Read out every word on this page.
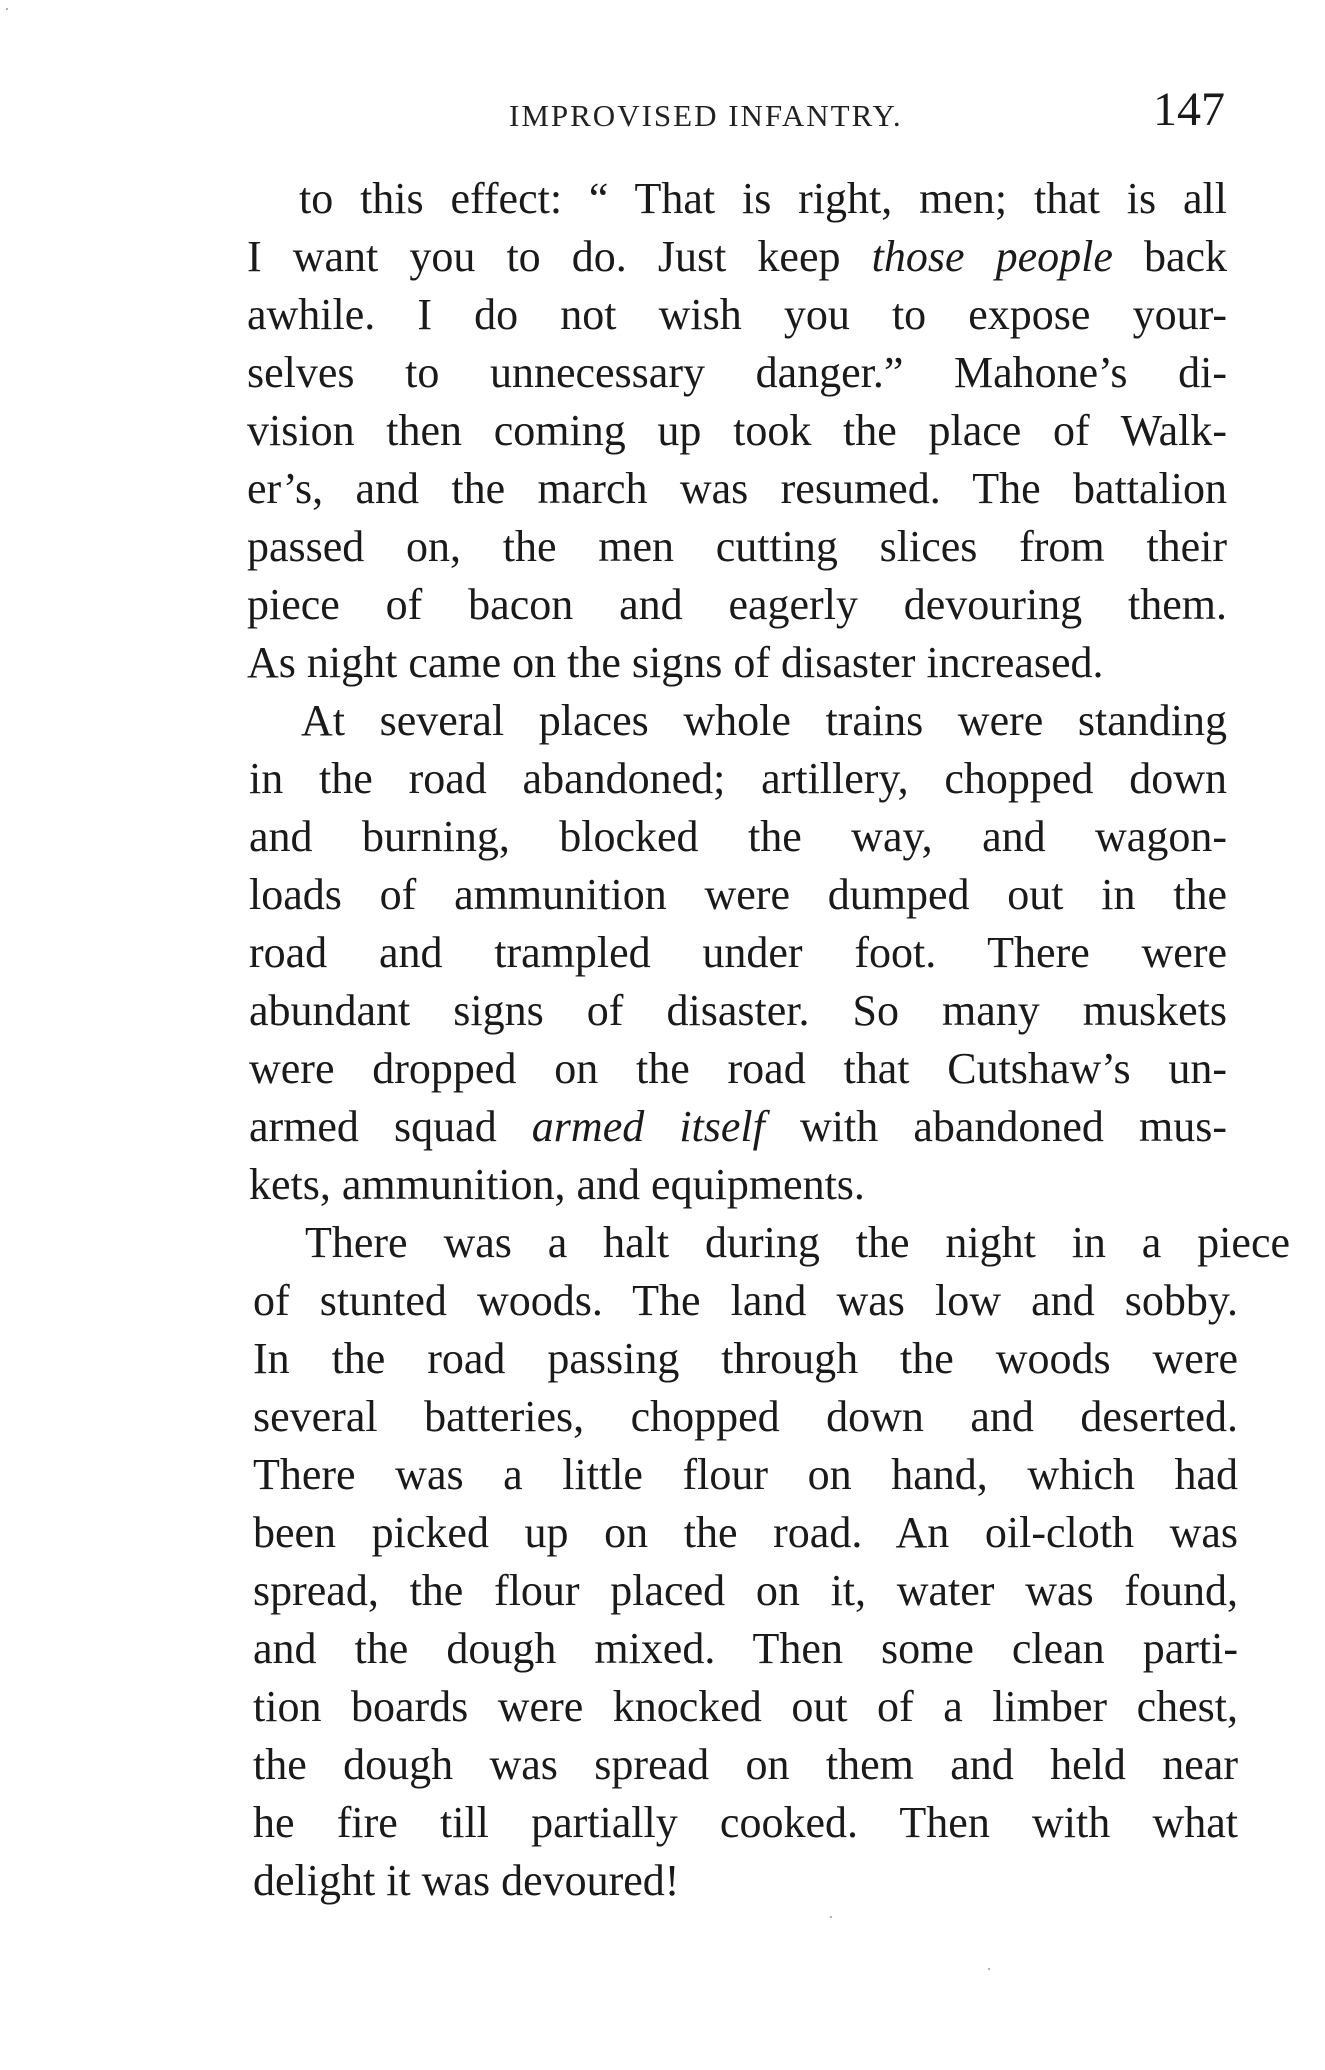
IMPROVISED INFANTRY.	147
to this effect: “ That is right, men; that is all
I want you to do. Just keep those people back
awhile. I do not wish you to expose your-
selves to unnecessary danger.” Mahone’s di-
vision then coming up took the place of Walk-
er’s, and the march was resumed. The battalion
passed on, the men cutting slices from their
piece of bacon and eagerly devouring them.
As night came on the signs of disaster increased.
At several places whole trains were standing
in the road abandoned; artillery, chopped down
and burning, blocked the way, and wagon-
loads of ammunition were dumped out in the
road and trampled under foot. There were
abundant signs of disaster. So many muskets
were dropped on the road that Cutshaw’s un-
armed squad armed itself with abandoned mus-
kets, ammunition, and equipments.
There was a halt during the night in a piece
of stunted woods. The land was low and sobby.
In the road passing through the woods were
several batteries, chopped down and deserted.
There was a little flour on hand, which had
been picked up on the road. An oil-cloth was
spread, the flour placed on it, water was found,
and the dough mixed. Then some clean parti-
tion boards were knocked out of a limber chest,
the dough was spread on them and held near
he fire till partially cooked. Then with what
delight it was devoured!
